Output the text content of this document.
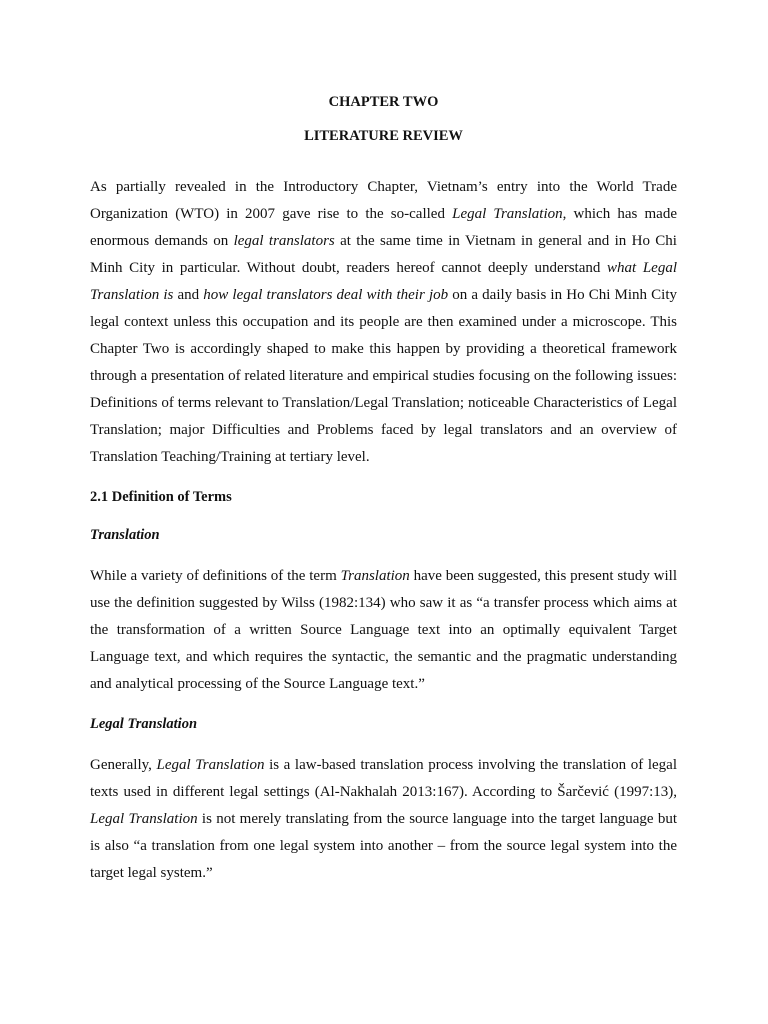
CHAPTER TWO
LITERATURE REVIEW

As partially revealed in the Introductory Chapter, Vietnam’s entry into the World Trade Organization (WTO) in 2007 gave rise to the so-called Legal Translation, which has made enormous demands on legal translators at the same time in Vietnam in general and in Ho Chi Minh City in particular. Without doubt, readers hereof cannot deeply understand what Legal Translation is and how legal translators deal with their job on a daily basis in Ho Chi Minh City legal context unless this occupation and its people are then examined under a microscope. This Chapter Two is accordingly shaped to make this happen by providing a theoretical framework through a presentation of related literature and empirical studies focusing on the following issues: Definitions of terms relevant to Translation/Legal Translation; noticeable Characteristics of Legal Translation; major Difficulties and Problems faced by legal translators and an overview of Translation Teaching/Training at tertiary level.

2.1 Definition of Terms
Translation

While a variety of definitions of the term Translation have been suggested, this present study will use the definition suggested by Wilss (1982:134) who saw it as “a transfer process which aims at the transformation of a written Source Language text into an optimally equivalent Target Language text, and which requires the syntactic, the semantic and the pragmatic understanding and analytical processing of the Source Language text.”

Legal Translation

Generally, Legal Translation is a law-based translation process involving the translation of legal texts used in different legal settings (Al-Nakhalah 2013:167). According to Šarčević (1997:13), Legal Translation is not merely translating from the source language into the target language but is also “a translation from one legal system into another – from the source legal system into the target legal system.”
